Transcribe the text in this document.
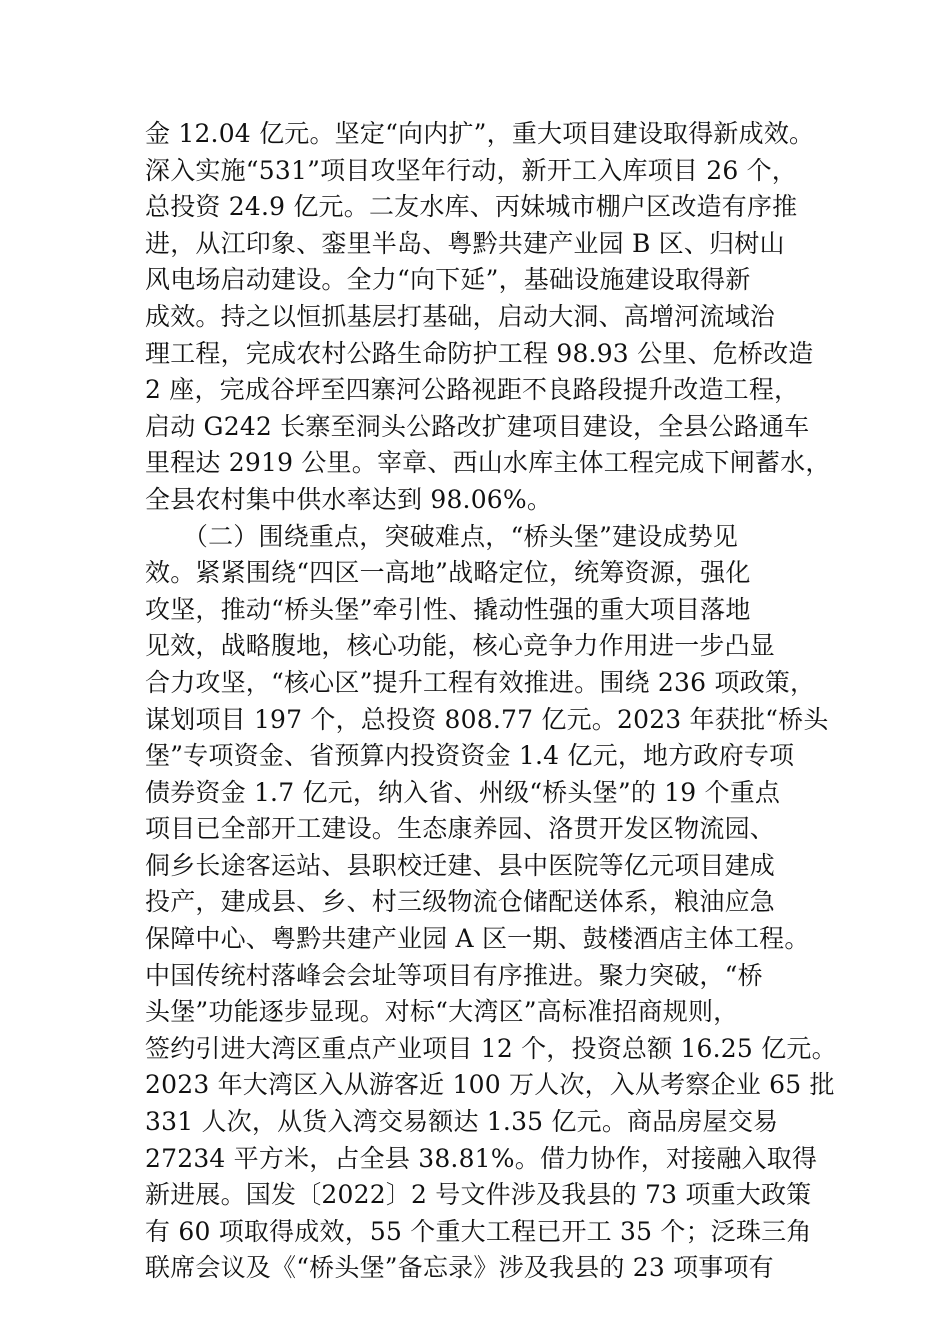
金 12.04 亿元。坚定“向内扩”，重大项目建设取得新成效。
深入实施“531”项目攻坚年行动，新开工入库项目 26 个，
总投资 24.9 亿元。二友水库、丙妹城市棚户区改造有序推
进，从江印象、銮里半岛、粤黔共建产业园 B 区、归树山
风电场启动建设。全力“向下延”，基础设施建设取得新
成效。持之以恒抓基层打基础，启动大洞、高增河流域治
理工程，完成农村公路生命防护工程 98.93 公里、危桥改造
2 座，完成谷坪至四寨河公路视距不良路段提升改造工程，
启动 G242 长寨至洞头公路改扩建项目建设，全县公路通车
里程达 2919 公里。宰章、西山水库主体工程完成下闸蓄水，
全县农村集中供水率达到 98.06%。
　　（二）围绕重点，突破难点，“桥头堡”建设成势见
效。紧紧围绕“四区一高地”战略定位，统筹资源，强化
攻坚，推动“桥头堡”牵引性、撬动性强的重大项目落地
见效，战略腹地，核心功能，核心竞争力作用进一步凸显
合力攻坚，“核心区”提升工程有效推进。围绕 236 项政策，
谋划项目 197 个，总投资 808.77 亿元。2023 年获批“桥头
堡”专项资金、省预算内投资资金 1.4 亿元，地方政府专项
债券资金 1.7 亿元，纳入省、州级“桥头堡”的 19 个重点
项目已全部开工建设。生态康养园、洛贯开发区物流园、
侗乡长途客运站、县职校迁建、县中医院等亿元项目建成
投产，建成县、乡、村三级物流仓储配送体系，粮油应急
保障中心、粤黔共建产业园 A 区一期、鼓楼酒店主体工程。
中国传统村落峰会会址等项目有序推进。聚力突破，“桥
头堡”功能逐步显现。对标“大湾区”高标准招商规则，
签约引进大湾区重点产业项目 12 个，投资总额 16.25 亿元。
2023 年大湾区入从游客近 100 万人次，入从考察企业 65 批
331 人次，从货入湾交易额达 1.35 亿元。商品房屋交易
27234 平方米，占全县 38.81%。借力协作，对接融入取得
新进展。国发〔2022〕2 号文件涉及我县的 73 项重大政策
有 60 项取得成效，55 个重大工程已开工 35 个；泛珠三角
联席会议及《“桥头堡”备忘录》涉及我县的 23 项事项有
